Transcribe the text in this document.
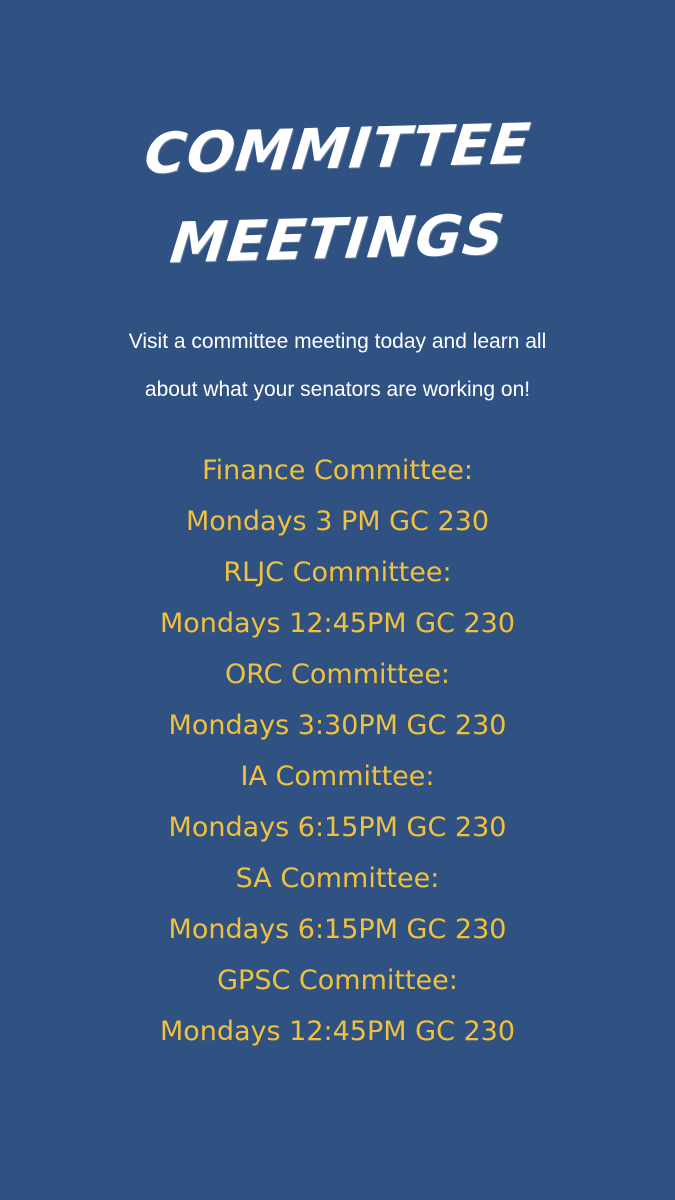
COMMITTEE
MEETINGS
Visit a committee meeting today and learn all
about what your senators are working on!
Finance Committee:
Mondays 3 PM GC 230
RLJC Committee:
Mondays 12:45PM GC 230
ORC Committee:
Mondays 3:30PM GC 230
IA Committee:
Mondays 6:15PM GC 230
SA Committee:
Mondays 6:15PM GC 230
GPSC Committee:
Mondays 12:45PM GC 230
